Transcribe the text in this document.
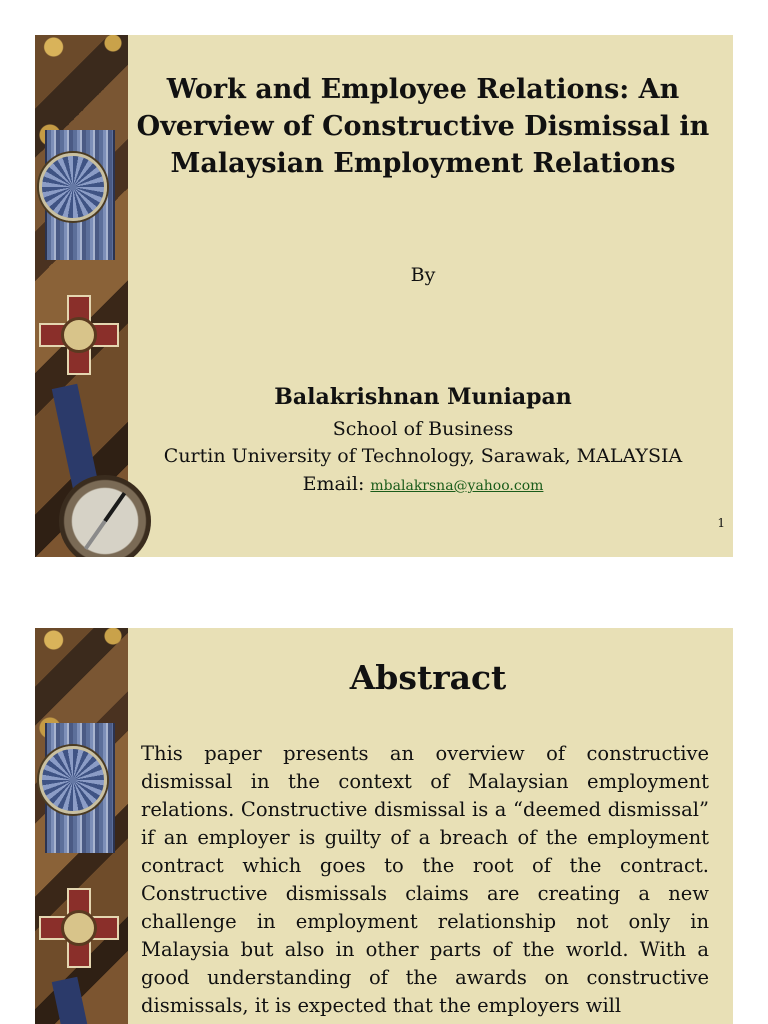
Work and Employee Relations: An Overview of Constructive Dismissal in Malaysian Employment Relations
By
Balakrishnan Muniapan
School of Business
Curtin University of Technology, Sarawak, MALAYSIA
Email: mbalakrsna@yahoo.com
1
Abstract
This paper presents an overview of constructive dismissal in the context of Malaysian employment relations. Constructive dismissal is a “deemed dismissal” if an employer is guilty of a breach of the employment contract which goes to the root of the contract. Constructive dismissals claims are creating a new challenge in employment relationship not only in Malaysia but also in other parts of the world. With a good understanding of the awards on constructive dismissals, it is expected that the employers will
